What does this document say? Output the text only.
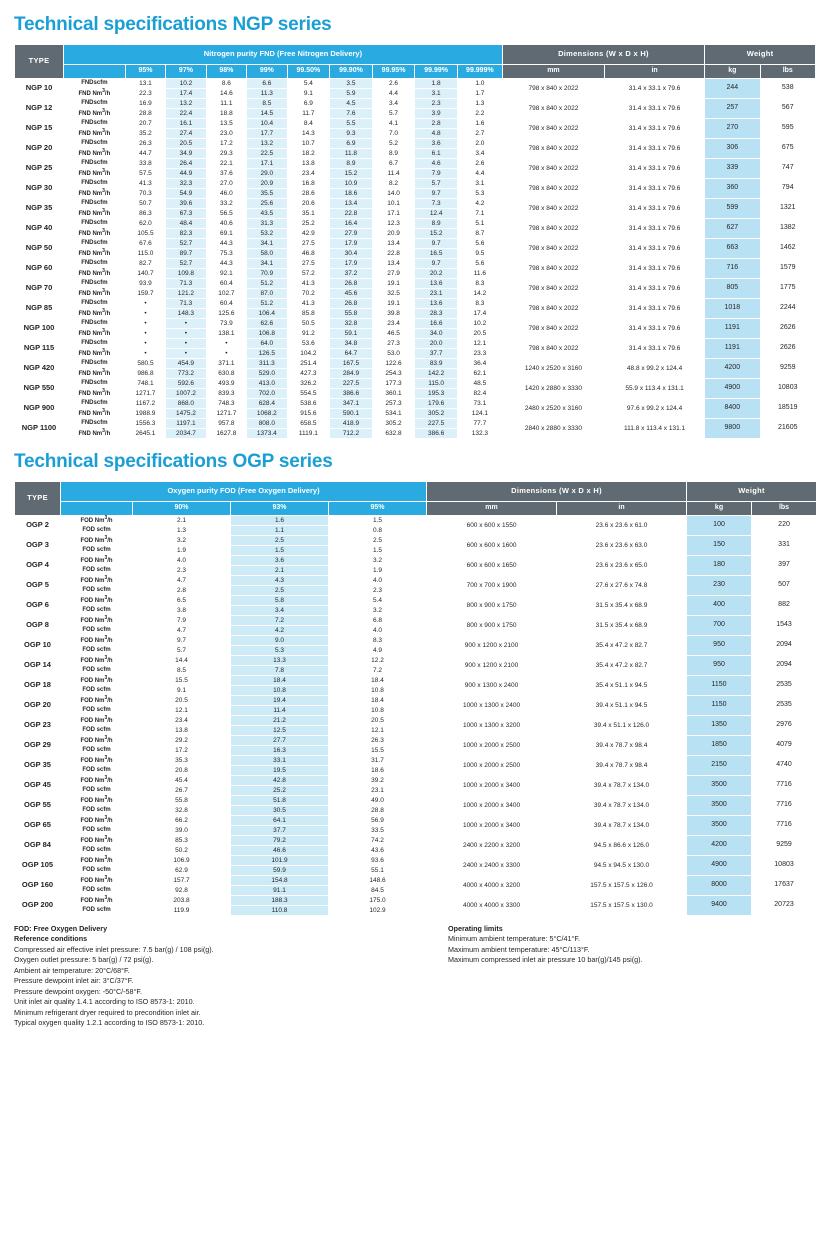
Technical specifications NGP series
TYPE	Nitrogen purity FND (Free Nitrogen Delivery)										Dimensions (W x D x H)		Weight	
		95%	97%	98%	99%	99.50%	99.90%	99.95%	99.99%	99.999%	mm	in	kg	lbs
NGP 10	FNDscfm	13.1	10.2	8.6	6.6	5.4	3.5	2.6	1.8	1.0	798 x 840 x 2022	31.4 x 33.1 x 79.6	244	538
	FND Nm$^3$/h	22.3	17.4	14.6	11.3	9.1	5.9	4.4	3.1	1.7				
NGP 12	FNDscfm	16.9	13.2	11.1	8.5	6.9	4.5	3.4	2.3	1.3	798 x 840 x 2022	31.4 x 33.1 x 79.6	257	567
	FND Nm$^3$/h	28.8	22.4	18.8	14.5	11.7	7.6	5.7	3.9	2.2				
NGP 15	FNDscfm	20.7	16.1	13.5	10.4	8.4	5.5	4.1	2.8	1.6	798 x 840 x 2022	31.4 x 33.1 x 79.6	270	595
	FND Nm$^3$/h	35.2	27.4	23.0	17.7	14.3	9.3	7.0	4.8	2.7				
NGP 20	FNDscfm	26.3	20.5	17.2	13.2	10.7	6.9	5.2	3.6	2.0	798 x 840 x 2022	31.4 x 33.1 x 79.6	306	675
	FND Nm$^3$/h	44.7	34.9	29.3	22.5	18.2	11.8	8.9	6.1	3.4				
NGP 25	FNDscfm	33.8	26.4	22.1	17.1	13.8	8.9	6.7	4.6	2.6	798 x 840 x 2022	31.4 x 33.1 x 79.6	339	747
	FND Nm$^3$/h	57.5	44.9	37.6	29.0	23.4	15.2	11.4	7.9	4.4				
NGP 30	FNDscfm	41.3	32.3	27.0	20.9	16.8	10.9	8.2	5.7	3.1	798 x 840 x 2022	31.4 x 33.1 x 79.6	360	794
	FND Nm$^3$/h	70.3	54.9	46.0	35.5	28.6	18.6	14.0	9.7	5.3				
NGP 35	FNDscfm	50.7	39.6	33.2	25.6	20.6	13.4	10.1	7.3	4.2	798 x 840 x 2022	31.4 x 33.1 x 79.6	599	1321
	FND Nm$^3$/h	86.3	67.3	56.5	43.5	35.1	22.8	17.1	12.4	7.1				
NGP 40	FNDscfm	62.0	48.4	40.6	31.3	25.2	16.4	12.3	8.9	5.1	798 x 840 x 2022	31.4 x 33.1 x 79.6	627	1382
	FND Nm$^3$/h	105.5	82.3	69.1	53.2	42.9	27.9	20.9	15.2	8.7				
NGP 50	FNDscfm	67.6	52.7	44.3	34.1	27.5	17.9	13.4	9.7	5.6	798 x 840 x 2022	31.4 x 33.1 x 79.6	663	1462
	FND Nm$^3$/h	115.0	89.7	75.3	58.0	46.8	30.4	22.8	16.5	9.5				
NGP 60	FNDscfm	82.7	52.7	44.3	34.1	27.5	17.9	13.4	9.7	5.6	798 x 840 x 2022	31.4 x 33.1 x 79.6	716	1579
	FND Nm$^3$/h	140.7	109.8	92.1	70.9	57.2	37.2	27.9	20.2	11.6				
NGP 70	FNDscfm	93.9	71.3	60.4	51.2	41.3	26.8	19.1	13.6	8.3	798 x 840 x 2022	31.4 x 33.1 x 79.6	805	1775
	FND Nm$^3$/h	159.7	121.2	102.7	87.0	70.2	45.6	32.5	23.1	14.2				
NGP 85	FNDscfm	•	71.3	60.4	51.2	41.3	26.8	19.1	13.6	8.3	798 x 840 x 2022	31.4 x 33.1 x 79.6	1018	2244
	FND Nm$^3$/h	•	148.3	125.6	106.4	85.8	55.8	39.8	28.3	17.4				
NGP 100	FNDscfm	•	•	73.9	62.6	50.5	32.8	23.4	16.6	10.2	798 x 840 x 2022	31.4 x 33.1 x 79.6	1191	2626
	FND Nm$^3$/h	•	•	138.1	106.8	91.2	59.1	46.5	34.0	20.5				
NGP 115	FNDscfm	•	•	•	64.0	53.6	34.8	27.3	20.0	12.1	798 x 840 x 2022	31.4 x 33.1 x 79.6	1191	2626
	FND Nm$^3$/h	•	•	•	126.5	104.2	64.7	53.0	37.7	23.3				
NGP 420	FNDscfm	580.5	454.9	371.1	311.3	251.4	167.5	122.6	83.9	36.4	1240 x 2520 x 3160	48.8 x 99.2 x 124.4	4200	9259
	FND Nm$^3$/h	986.8	773.2	630.8	529.0	427.3	284.9	254.3	142.2	62.1				
NGP 550	FNDscfm	748.1	592.6	493.9	413.0	326.2	227.5	177.3	115.0	48.5	1420 x 2880 x 3330	55.9 x 113.4 x 131.1	4900	10803
	FND Nm$^3$/h	1271.7	1007.2	839.3	702.0	554.5	386.6	360.1	195.3	82.4				
NGP 900	FNDscfm	1167.2	868.0	748.3	628.4	538.6	347.1	257.3	179.6	73.1	2480 x 2520 x 3160	97.6 x 99.2 x 124.4	8400	18519
	FND Nm$^3$/h	1988.9	1475.2	1271.7	1068.2	915.6	590.1	534.1	305.2	124.1				
NGP 1100	FNDscfm	1556.3	1197.1	957.8	808.0	658.5	418.9	305.2	227.5	77.7	2840 x 2880 x 3330	111.8 x 113.4 x 131.1	9800	21605
	FND Nm$^3$/h	2645.1	2034.7	1627.8	1373.4	1119.1	712.2	632.8	386.6	132.3				
Technical specifications OGP series
TYPE	Oxygen purity FOD (Free Oxygen Delivery)				Dimensions (W x D x H)		Weight	
		90%	93%	95%	mm	in	kg	lbs
OGP 2	FOD Nm$^3$/h	2.1	1.6	1.5	600 x 600 x 1550	23.6 x 23.6 x 61.0	100	220
	FOD scfm	1.3	1.1	0.8				
OGP 3	FOD Nm$^3$/h	3.2	2.5	2.5	600 x 600 x 1600	23.6 x 23.6 x 63.0	150	331
	FOD scfm	1.9	1.5	1.5				
OGP 4	FOD Nm$^3$/h	4.0	3.6	3.2	600 x 600 x 1650	23.6 x 23.6 x 65.0	180	397
	FOD scfm	2.3	2.1	1.9				
OGP 5	FOD Nm$^3$/h	4.7	4.3	4.0	700 x 700 x 1900	27.6 x 27.6 x 74.8	230	507
	FOD scfm	2.8	2.5	2.3				
OGP 6	FOD Nm$^3$/h	6.5	5.8	5.4	800 x 900 x 1750	31.5 x 35.4 x 68.9	400	882
	FOD scfm	3.8	3.4	3.2				
OGP 8	FOD Nm$^3$/h	7.9	7.2	6.8	800 x 900 x 1750	31.5 x 35.4 x 68.9	700	1543
	FOD scfm	4.7	4.2	4.0				
OGP 10	FOD Nm$^3$/h	9.7	9.0	8.3	900 x 1200 x 2100	35.4 x 47.2 x 82.7	950	2094
	FOD scfm	5.7	5.3	4.9				
OGP 14	FOD Nm$^3$/h	14.4	13.3	12.2	900 x 1200 x 2100	35.4 x 47.2 x 82.7	950	2094
	FOD scfm	8.5	7.8	7.2				
OGP 18	FOD Nm$^3$/h	15.5	18.4	18.4	900 x 1300 x 2400	35.4 x 51.1 x 94.5	1150	2535
	FOD scfm	9.1	10.8	10.8				
OGP 20	FOD Nm$^3$/h	20.5	19.4	18.4	1000 x 1300 x 2400	39.4 x 51.1 x 94.5	1150	2535
	FOD scfm	12.1	11.4	10.8				
OGP 23	FOD Nm$^3$/h	23.4	21.2	20.5	1000 x 1300 x 3200	39.4 x 51.1 x 126.0	1350	2976
	FOD scfm	13.8	12.5	12.1				
OGP 29	FOD Nm$^3$/h	29.2	27.7	26.3	1000 x 2000 x 2500	39.4 x 78.7 x 98.4	1850	4079
	FOD scfm	17.2	16.3	15.5				
OGP 35	FOD Nm$^3$/h	35.3	33.1	31.7	1000 x 2000 x 2500	39.4 x 78.7 x 98.4	2150	4740
	FOD scfm	20.8	19.5	18.6				
OGP 45	FOD Nm$^3$/h	45.4	42.8	39.2	1000 x 2000 x 3400	39.4 x 78.7 x 134.0	3500	7716
	FOD scfm	26.7	25.2	23.1				
OGP 55	FOD Nm$^3$/h	55.8	51.8	49.0	1000 x 2000 x 3400	39.4 x 78.7 x 134.0	3500	7716
	FOD scfm	32.8	30.5	28.8				
OGP 65	FOD Nm$^3$/h	66.2	64.1	56.9	1000 x 2000 x 3400	39.4 x 78.7 x 134.0	3500	7716
	FOD scfm	39.0	37.7	33.5				
OGP 84	FOD Nm$^3$/h	85.3	79.2	74.2	2400 x 2200 x 3200	94.5 x 86.6 x 126.0	4200	9259
	FOD scfm	50.2	46.6	43.6				
OGP 105	FOD Nm$^3$/h	106.9	101.9	93.6	2400 x 2400 x 3300	94.5 x 94.5 x 130.0	4900	10803
	FOD scfm	62.9	59.9	55.1				
OGP 160	FOD Nm$^3$/h	157.7	154.8	148.6	4000 x 4000 x 3200	157.5 x 157.5 x 126.0	8000	17637
	FOD scfm	92.8	91.1	84.5				
OGP 200	FOD Nm$^3$/h	203.8	188.3	175.0	4000 x 4000 x 3300	157.5 x 157.5 x 130.0	9400	20723
	FOD scfm	119.9	110.8	102.9				
FOD: Free Oxygen Delivery
Reference conditions
Compressed air effective inlet pressure: 7.5 bar(g) / 108 psi(g).
Oxygen outlet pressure: 5 bar(g) / 72 psi(g).
Ambient air temperature: 20°C/68°F.
Pressure dewpoint inlet air: 3°C/37°F.
Pressure dewpoint oxygen: -50°C/-58°F.
Unit inlet air quality 1.4.1 according to ISO 8573-1: 2010.
Minimum refrigerant dryer required to precondition inlet air.
Typical oxygen quality 1.2.1 according to ISO 8573-1: 2010.
Operating limits
Minimum ambient temperature: 5°C/41°F.
Maximum ambient temperature: 45°C/113°F.
Maximum compressed inlet air pressure 10 bar(g)/145 psi(g).
